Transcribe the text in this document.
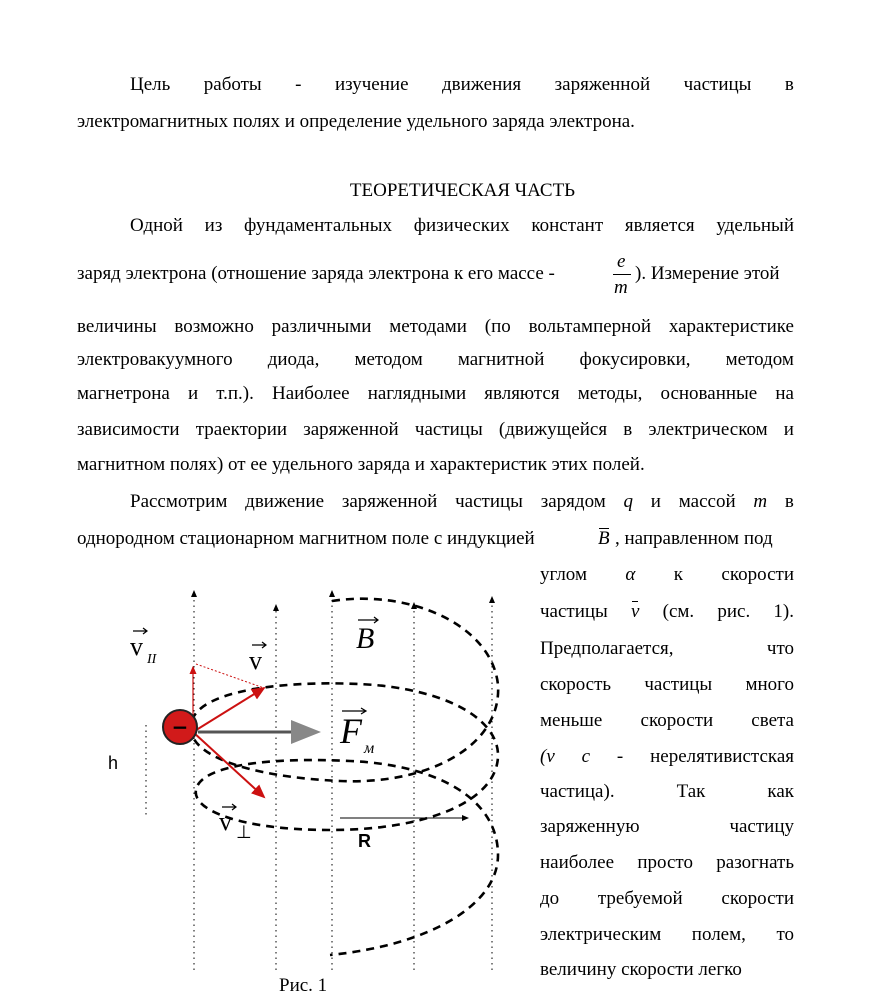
Цель работы - изучение движения заряженной частицы в
электромагнитных полях и определение удельного заряда электрона.
ТЕОРЕТИЧЕСКАЯ ЧАСТЬ
Одной из фундаментальных физических констант является удельный
заряд электрона (отношение заряда электрона к его массе -
e
m
). Измерение этой
величины возможно различными методами (по вольтамперной характеристике
электровакуумного диода, методом магнитной фокусировки, методом
магнетрона и т.п.). Наиболее наглядными являются методы, основанные на
зависимости траектории заряженной частицы (движущейся в электрическом и
магнитном полях) от ее удельного заряда и характеристик этих полей.
Рассмотрим движение заряженной частицы зарядом q и массой m в
однородном стационарном магнитном поле с индукцией	B , направленном под
углом α к скорости
частицы v (см. рис. 1).
Предполагается,	что
скорость частицы много
меньше скорости света
(v c - нерелятивистская
частица).	Так	как
заряженную	частицу
наиболее просто разогнать
до требуемой скорости
электрическим полем, то
величину скорости легко
−
v II	v
v ⊥
B
F м
h
R
Рис. 1
